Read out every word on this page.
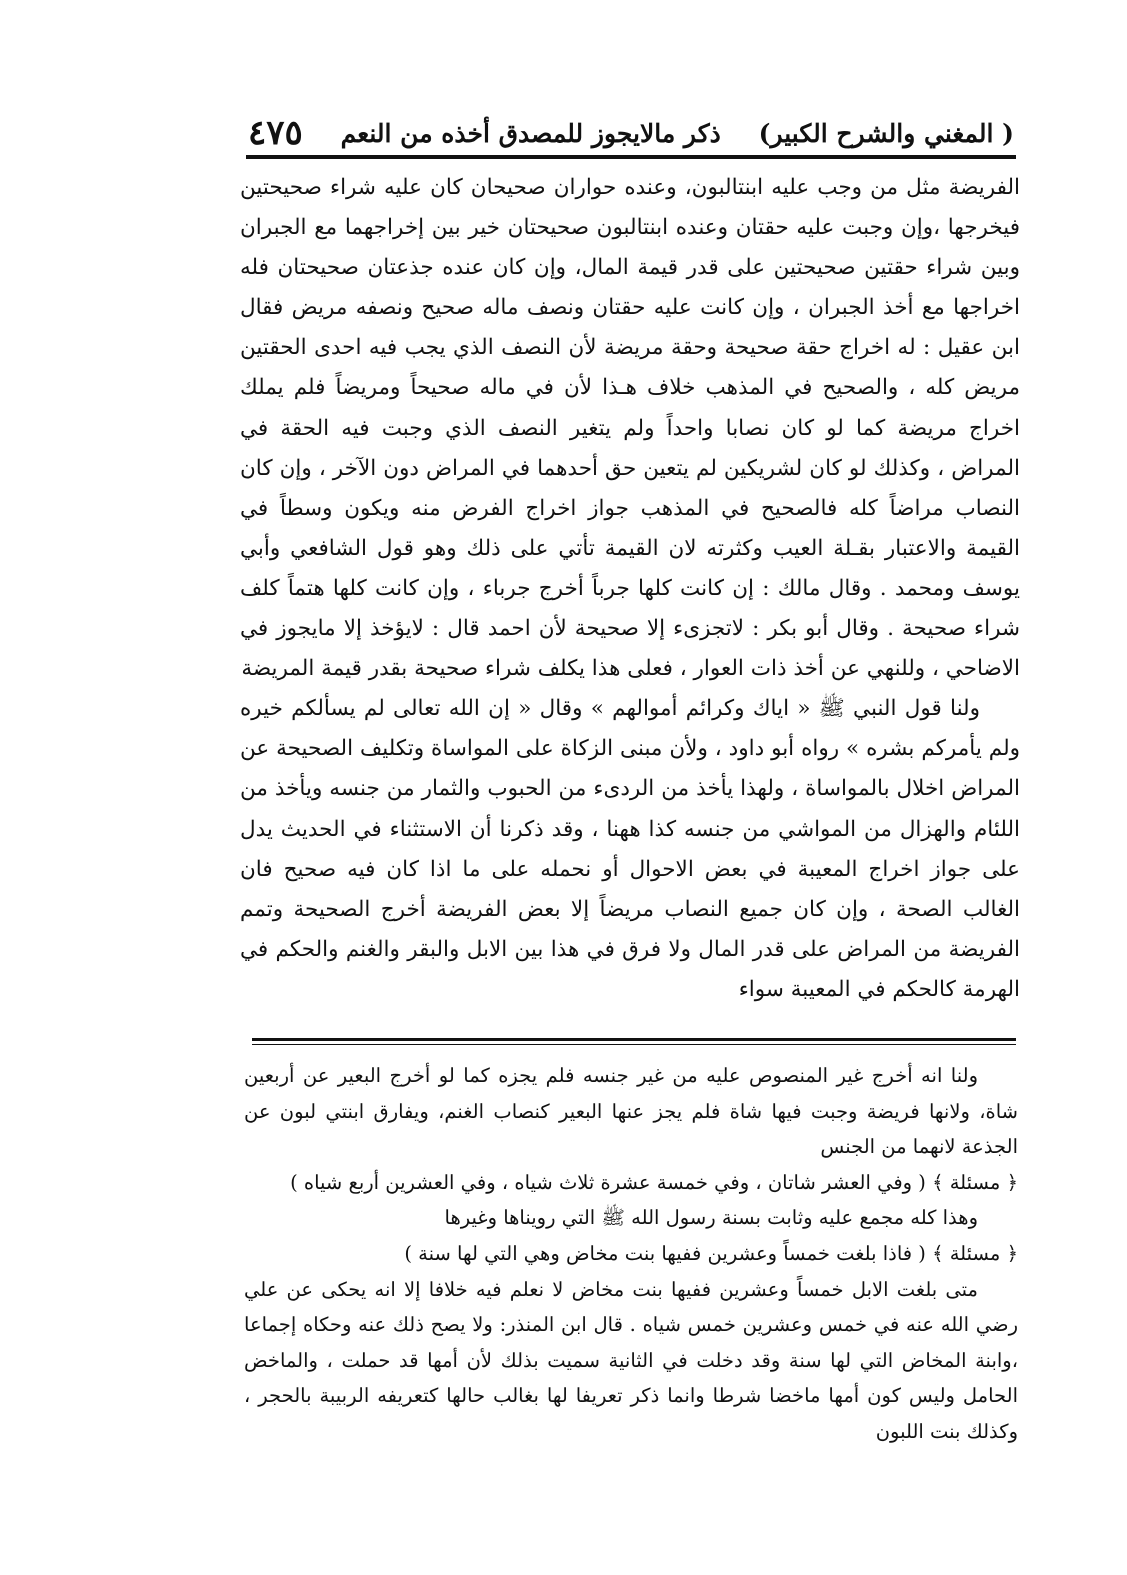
( المغني والشرح الكبير)
ذكر مالايجوز للمصدق أخذه من النعم
٤٧٥

الفريضة مثل من وجب عليه ابنتالبون، وعنده حواران صحيحان كان عليه شراء صحيحتين فيخرجها ،وإن وجبت عليه حقتان وعنده ابنتالبون صحيحتان خير بين إخراجهما مع الجبران وبين شراء حقتين صحيحتين على قدر قيمة المال، وإن كان عنده جذعتان صحيحتان فله اخراجها مع أخذ الجبران ، وإن كانت عليه حقتان ونصف ماله صحيح ونصفه مريض فقال ابن عقيل : له اخراج حقة صحيحة وحقة مريضة لأن النصف الذي يجب فيه احدى الحقتين مريض كله ، والصحيح في المذهب خلاف هـذا لأن في ماله صحيحاً ومريضاً فلم يملك اخراج مريضة كما لو كان نصابا واحداً ولم يتغير النصف الذي وجبت فيه الحقة في المراض ، وكذلك لو كان لشريكين لم يتعين حق أحدهما في المراض دون الآخر ، وإن كان النصاب مراضاً كله فالصحيح في المذهب جواز اخراج الفرض منه ويكون وسطاً في القيمة والاعتبار بقـلة العيب وكثرته لان القيمة تأتي على ذلك وهو قول الشافعي وأبي يوسف ومحمد . وقال مالك : إن كانت كلها جرباً أخرج جرباء ، وإن كانت كلها هتماً كلف شراء صحيحة . وقال أبو بكر : لاتجزىء إلا صحيحة لأن احمد قال : لايؤخذ إلا مايجوز في الاضاحي ، وللنهي عن أخذ ذات العوار ، فعلى هذا يكلف شراء صحيحة بقدر قيمة المريضة

ولنا قول النبي ﷺ « اياك وكرائم أموالهم » وقال « إن الله تعالى لم يسألكم خيره ولم يأمركم بشره » رواه أبو داود ، ولأن مبنى الزكاة على المواساة وتكليف الصحيحة عن المراض اخلال بالمواساة ، ولهذا يأخذ من الردىء من الحبوب والثمار من جنسه ويأخذ من اللئام والهزال من المواشي من جنسه كذا ههنا ، وقد ذكرنا أن الاستثناء في الحديث يدل على جواز اخراج المعيبة في بعض الاحوال أو نحمله على ما اذا كان فيه صحيح فان الغالب الصحة ، وإن كان جميع النصاب مريضاً إلا بعض الفريضة أخرج الصحيحة وتمم الفريضة من المراض على قدر المال ولا فرق في هذا بين الابل والبقر والغنم والحكم في الهرمة كالحكم في المعيبة سواء

ولنا انه أخرج غير المنصوص عليه من غير جنسه فلم يجزه كما لو أخرج البعير عن أربعين شاة، ولانها فريضة وجبت فيها شاة فلم يجز عنها البعير كنصاب الغنم، ويفارق ابنتي لبون عن الجذعة لانهما من الجنس

﴿ مسئلة ﴾ ( وفي العشر شاتان ، وفي خمسة عشرة ثلاث شياه ، وفي العشرين أربع شياه )

وهذا كله مجمع عليه وثابت بسنة رسول الله ﷺ التي رويناها وغيرها

﴿ مسئلة ﴾ ( فاذا بلغت خمساً وعشرين ففيها بنت مخاض وهي التي لها سنة )

متى بلغت الابل خمساً وعشرين ففيها بنت مخاض لا نعلم فيه خلافا إلا انه يحكى عن علي رضي الله عنه في خمس وعشرين خمس شياه . قال ابن المنذر: ولا يصح ذلك عنه وحكاه إجماعا ،وابنة المخاض التي لها سنة وقد دخلت في الثانية سميت بذلك لأن أمها قد حملت ، والماخض الحامل وليس كون أمها ماخضا شرطا وانما ذكر تعريفا لها بغالب حالها كتعريفه الربيبة بالحجر ، وكذلك بنت اللبون
